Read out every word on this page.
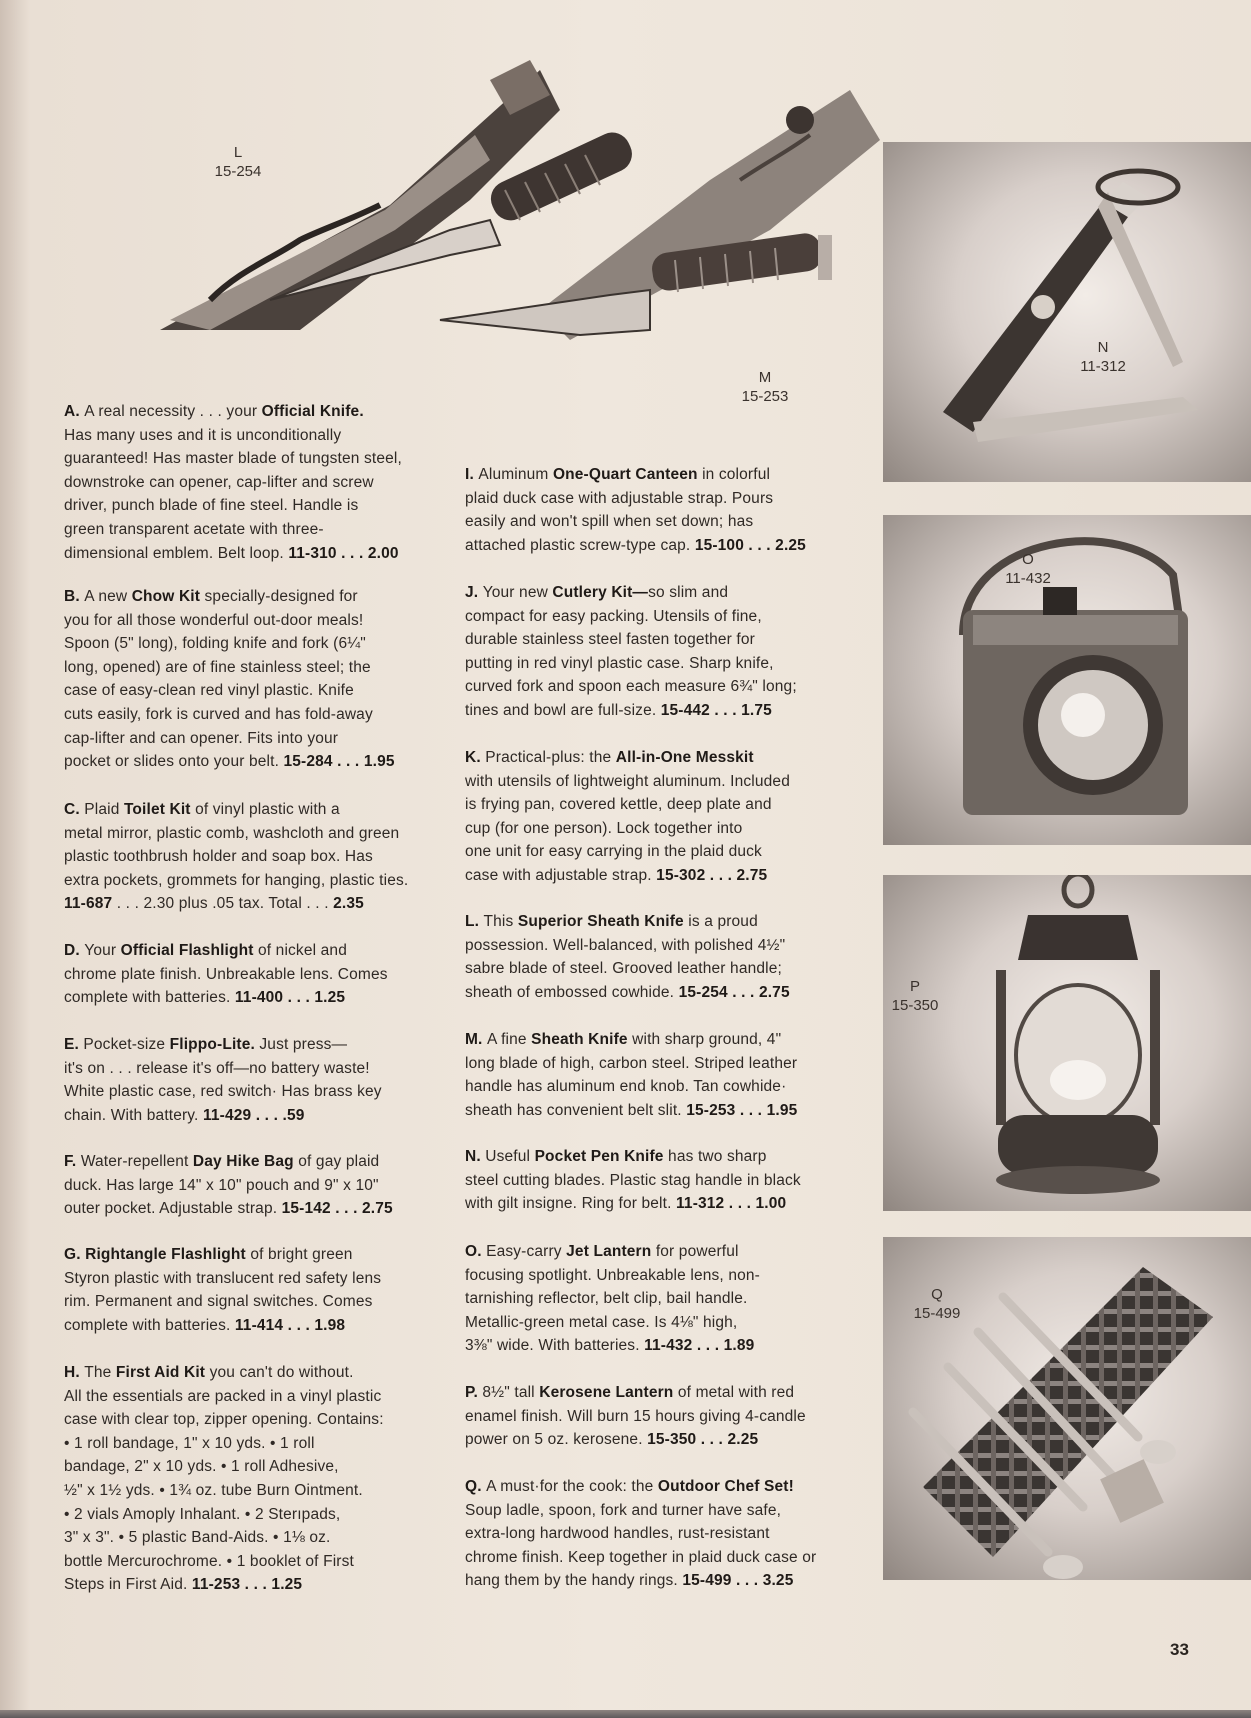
L
15-254
M
15-253
N
11-312
O
11-432
P
15-350
Q
15-499
A. A real necessity . . . your Official Knife.
Has many uses and it is unconditionally
guaranteed! Has master blade of tungsten steel,
downstroke can opener, cap-lifter and screw
driver, punch blade of fine steel. Handle is
green transparent acetate with three-
dimensional emblem. Belt loop. 11-310 . . . 2.00
B. A new Chow Kit specially-designed for
you for all those wonderful out-door meals!
Spoon (5" long), folding knife and fork (6¼"
long, opened) are of fine stainless steel; the
case of easy-clean red vinyl plastic. Knife
cuts easily, fork is curved and has fold-away
cap-lifter and can opener. Fits into your
pocket or slides onto your belt. 15-284 . . . 1.95
C. Plaid Toilet Kit of vinyl plastic with a
metal mirror, plastic comb, washcloth and green
plastic toothbrush holder and soap box. Has
extra pockets, grommets for hanging, plastic ties.
11-687 . . . 2.30 plus .05 tax. Total . . . 2.35
D. Your Official Flashlight of nickel and
chrome plate finish. Unbreakable lens. Comes
complete with batteries. 11-400 . . . 1.25
E. Pocket-size Flippo-Lite. Just press—
it's on . . . release it's off—no battery waste!
White plastic case, red switch· Has brass key
chain. With battery. 11-429 . . . .59
F. Water-repellent Day Hike Bag of gay plaid
duck. Has large 14" x 10" pouch and 9" x 10"
outer pocket. Adjustable strap. 15-142 . . . 2.75
G. Rightangle Flashlight of bright green
Styron plastic with translucent red safety lens
rim. Permanent and signal switches. Comes
complete with batteries. 11-414 . . . 1.98
H. The First Aid Kit you can't do without.
All the essentials are packed in a vinyl plastic
case with clear top, zipper opening. Contains:
• 1 roll bandage, 1" x 10 yds. • 1 roll
bandage, 2" x 10 yds. • 1 roll Adhesive,
½" x 1½ yds. • 1¾ oz. tube Burn Ointment.
• 2 vials Amoply Inhalant. • 2 Sterıpads,
3" x 3". • 5 plastic Band-Aids. • 1⅛ oz.
bottle Mercurochrome. • 1 booklet of First
Steps in First Aid. 11-253 . . . 1.25
I. Aluminum One-Quart Canteen in colorful
plaid duck case with adjustable strap. Pours
easily and won't spill when set down; has
attached plastic screw-type cap. 15-100 . . . 2.25
J. Your new Cutlery Kit—so slim and
compact for easy packing. Utensils of fine,
durable stainless steel fasten together for
putting in red vinyl plastic case. Sharp knife,
curved fork and spoon each measure 6¾" long;
tines and bowl are full-size. 15-442 . . . 1.75
K. Practical-plus: the All-in-One Messkit
with utensils of lightweight aluminum. Included
is frying pan, covered kettle, deep plate and
cup (for one person). Lock together into
one unit for easy carrying in the plaid duck
case with adjustable strap. 15-302 . . . 2.75
L. This Superior Sheath Knife is a proud
possession. Well-balanced, with polished 4½"
sabre blade of steel. Grooved leather handle;
sheath of embossed cowhide. 15-254 . . . 2.75
M. A fine Sheath Knife with sharp ground, 4"
long blade of high, carbon steel. Striped leather
handle has aluminum end knob. Tan cowhide·
sheath has convenient belt slit. 15-253 . . . 1.95
N. Useful Pocket Pen Knife has two sharp
steel cutting blades. Plastic stag handle in black
with gilt insigne. Ring for belt. 11-312 . . . 1.00
O. Easy-carry Jet Lantern for powerful
focusing spotlight. Unbreakable lens, non-
tarnishing reflector, belt clip, bail handle.
Metallic-green metal case. Is 4⅛" high,
3⅜" wide. With batteries. 11-432 . . . 1.89
P. 8½" tall Kerosene Lantern of metal with red
enamel finish. Will burn 15 hours giving 4-candle
power on 5 oz. kerosene. 15-350 . . . 2.25
Q. A must·for the cook: the Outdoor Chef Set!
Soup ladle, spoon, fork and turner have safe,
extra-long hardwood handles, rust-resistant
chrome finish. Keep together in plaid duck case or
hang them by the handy rings. 15-499 . . . 3.25
33
